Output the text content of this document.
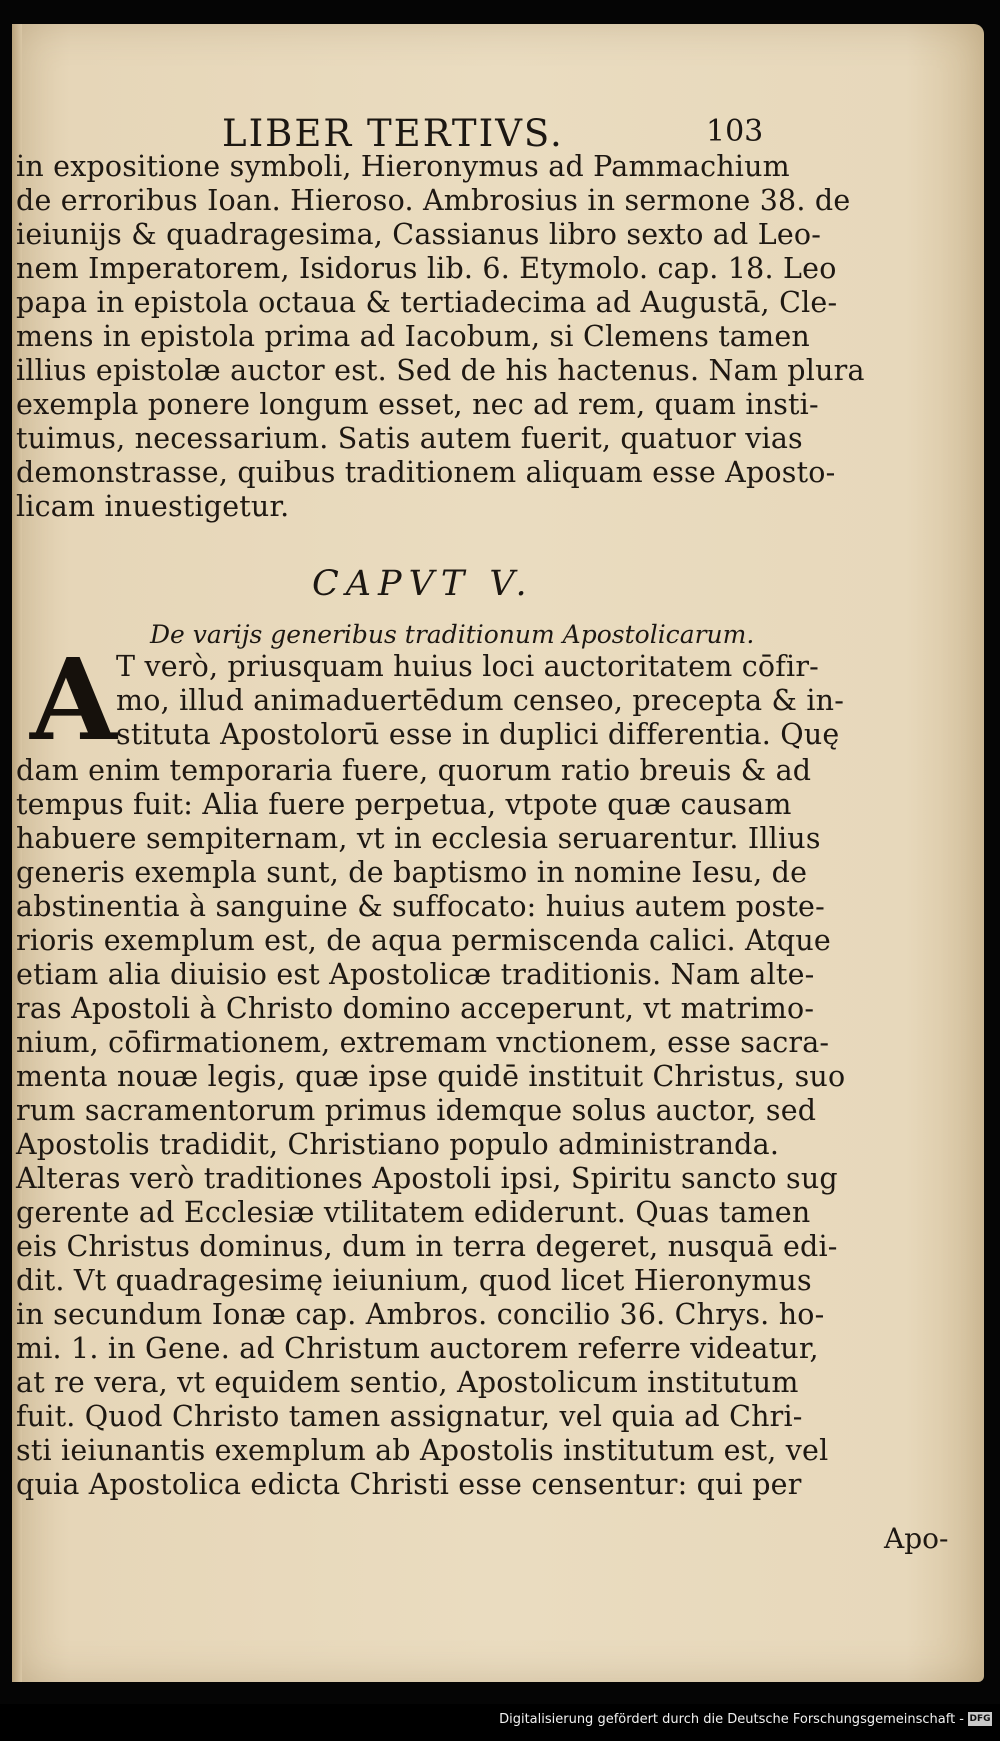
LIBER TERTIVS.	103
in expositione symboli, Hieronymus ad Pammachium
de erroribus Ioan. Hieroso. Ambrosius in sermone 38. de
ieiunijs & quadragesima, Cassianus libro sexto ad Leo-
nem Imperatorem, Isidorus lib. 6. Etymolo. cap. 18. Leo
papa in epistola octaua & tertiadecima ad Augustā, Cle-
mens in epistola prima ad Iacobum, si Clemens tamen
illius epistolæ auctor est. Sed de his hactenus. Nam plura
exempla ponere longum esset, nec ad rem, quam insti-
tuimus, necessarium. Satis autem fuerit, quatuor vias
demonstrasse, quibus traditionem aliquam esse Aposto-
licam inuestigetur.
CAPVT V.
De varijs generibus traditionum Apostolicarum.
A T verò, priusquam huius loci auctoritatem cōfir-
mo, illud animaduertēdum censeo, precepta & in-
stituta Apostolorū esse in duplici differentia. Quę
dam enim temporaria fuere, quorum ratio breuis & ad
tempus fuit: Alia fuere perpetua, vtpote quæ causam
habuere sempiternam, vt in ecclesia seruarentur. Illius
generis exempla sunt, de baptismo in nomine Iesu, de
abstinentia à sanguine & suffocato: huius autem poste-
rioris exemplum est, de aqua permiscenda calici. Atque
etiam alia diuisio est Apostolicæ traditionis. Nam alte-
ras Apostoli à Christo domino acceperunt, vt matrimo-
nium, cōfirmationem, extremam vnctionem, esse sacra-
menta nouæ legis, quæ ipse quidē instituit Christus, suo
rum sacramentorum primus idemque solus auctor, sed
Apostolis tradidit, Christiano populo administranda.
Alteras verò traditiones Apostoli ipsi, Spiritu sancto sug
gerente ad Ecclesiæ vtilitatem ediderunt. Quas tamen
eis Christus dominus, dum in terra degeret, nusquā edi-
dit. Vt quadragesimę ieiunium, quod licet Hieronymus
in secundum Ionæ cap. Ambros. concilio 36. Chrys. ho-
mi. 1. in Gene. ad Christum auctorem referre videatur,
at re vera, vt equidem sentio, Apostolicum institutum
fuit. Quod Christo tamen assignatur, vel quia ad Chri-
sti ieiunantis exemplum ab Apostolis institutum est, vel
quia Apostolica edicta Christi esse censentur: qui per
Apo-
Digitalisierung gefördert durch die Deutsche Forschungsgemeinschaft - DFG
